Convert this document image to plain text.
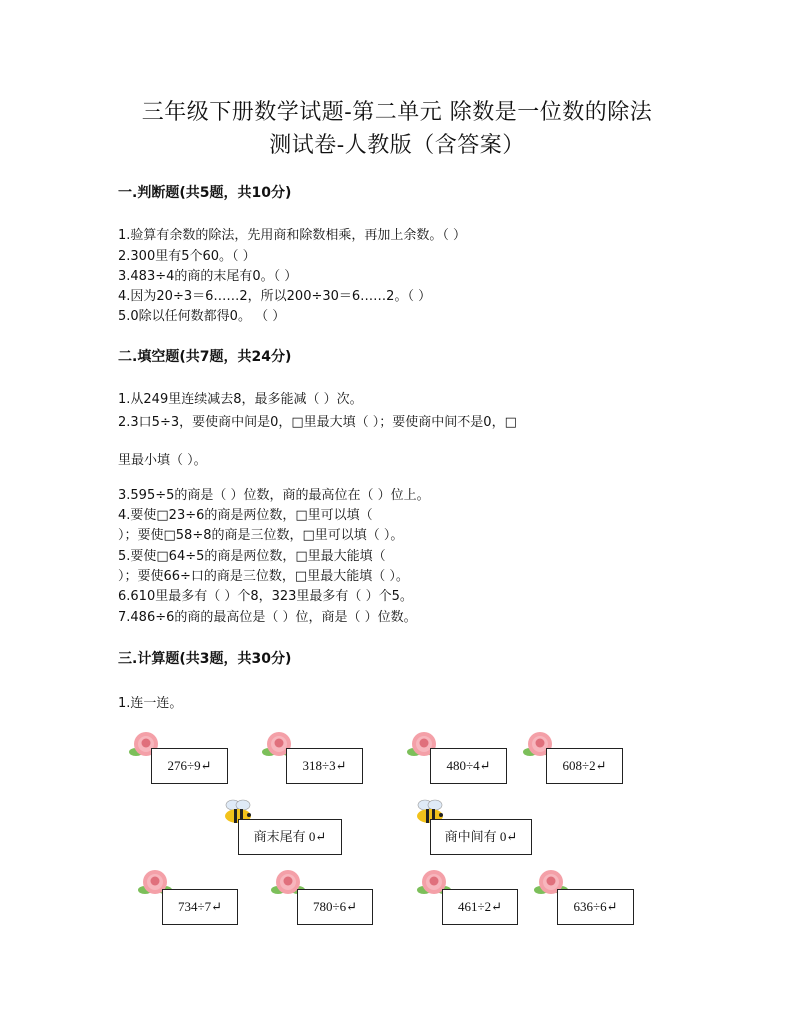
三年级下册数学试题-第二单元 除数是一位数的除法
测试卷-人教版（含答案）
一.判断题(共5题，共10分)
1.验算有余数的除法，先用商和除数相乘，再加上余数。（ ）
2.300里有5个60。（ ）
3.483÷4的商的末尾有0。（ ）
4.因为20÷3＝6……2，所以200÷30＝6……2。（ ）
5.0除以任何数都得0。 （ ）
二.填空题(共7题，共24分)
1.从249里连续减去8，最多能减（ ）次。
2.3口5÷3，要使商中间是0，□里最大填（ ）；要使商中间不是0，□
里最小填（ ）。
3.595÷5的商是（ ）位数，商的最高位在（ ）位上。
4.要使□23÷6的商是两位数，□里可以填（
）；要使□58÷8的商是三位数，□里可以填（ ）。
5.要使□64÷5的商是两位数，□里最大能填（
）；要使66÷口的商是三位数，□里最大能填（ ）。
6.610里最多有（ ）个8，323里最多有（ ）个5。
7.486÷6的商的最高位是（ ）位，商是（ ）位数。
三.计算题(共3题，共30分)
1.连一连。
276÷9↵	318÷3↵	480÷4↵	608÷2↵
商末尾有 0↵	商中间有 0↵
734÷7↵	780÷6↵	461÷2↵	636÷6↵
